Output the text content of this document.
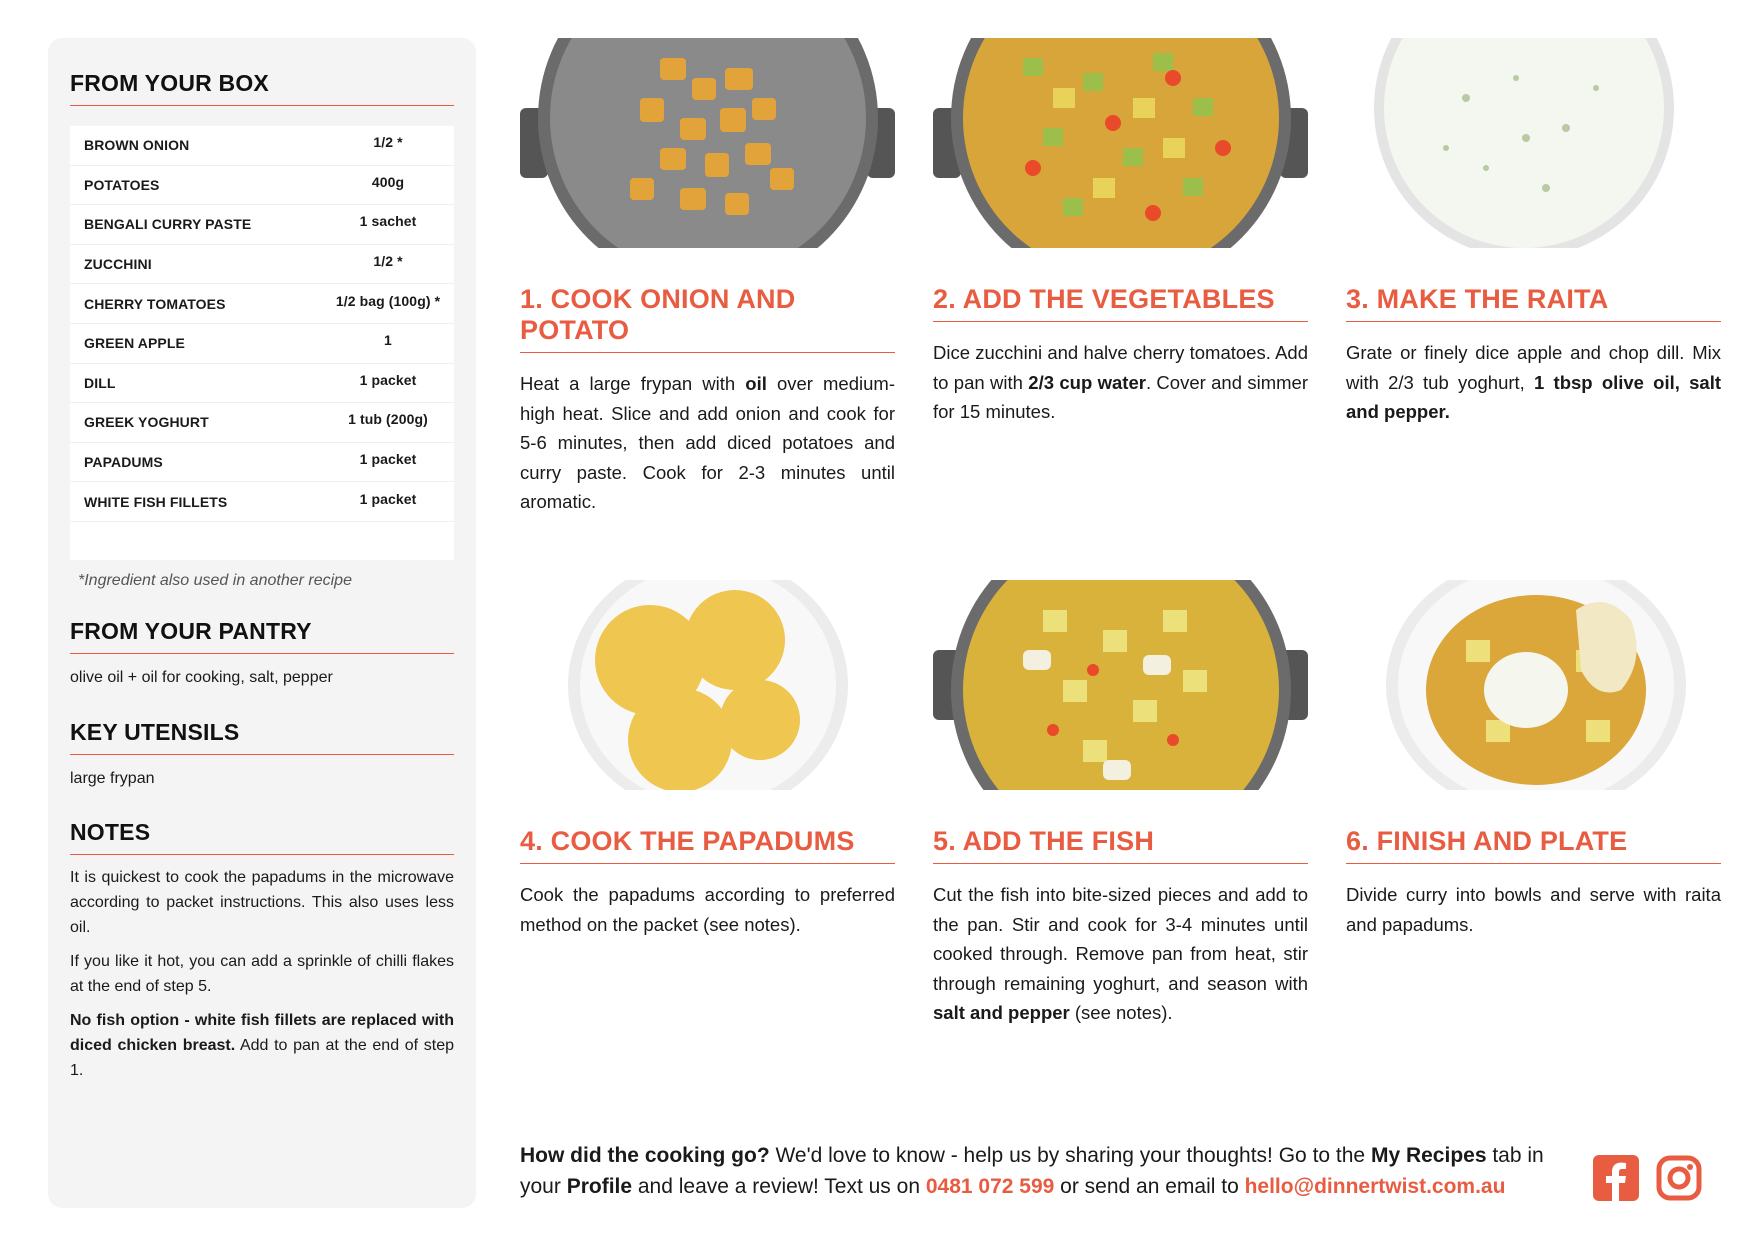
FROM YOUR BOX
BROWN ONION	1/2 *
POTATOES	400g
BENGALI CURRY PASTE	1 sachet
ZUCCHINI	1/2 *
CHERRY TOMATOES	1/2 bag (100g) *
GREEN APPLE	1
DILL	1 packet
GREEK YOGHURT	1 tub (200g)
PAPADUMS	1 packet
WHITE FISH FILLETS	1 packet
*Ingredient also used in another recipe
FROM YOUR PANTRY
olive oil + oil for cooking, salt, pepper
KEY UTENSILS
large frypan
NOTES

It is quickest to cook the papadums in the microwave according to packet instructions. This also uses less oil.

If you like it hot, you can add a sprinkle of chilli flakes at the end of step 5.

No fish option - white fish fillets are replaced with diced chicken breast. Add to pan at the end of step 1.

1. COOK ONION AND POTATO
Heat a large frypan with oil over medium-high heat. Slice and add onion and cook for 5-6 minutes, then add diced potatoes and curry paste. Cook for 2-3 minutes until aromatic.
2. ADD THE VEGETABLES
Dice zucchini and halve cherry tomatoes. Add to pan with 2/3 cup water. Cover and simmer for 15 minutes.
3. MAKE THE RAITA
Grate or finely dice apple and chop dill. Mix with 2/3 tub yoghurt, 1 tbsp olive oil, salt and pepper.
4. COOK THE PAPADUMS
Cook the papadums according to preferred method on the packet (see notes).
5. ADD THE FISH
Cut the fish into bite-sized pieces and add to the pan. Stir and cook for 3-4 minutes until cooked through. Remove pan from heat, stir through remaining yoghurt, and season with salt and pepper (see notes).
6. FINISH AND PLATE
Divide curry into bowls and serve with raita and papadums.
How did the cooking go? We'd love to know - help us by sharing your thoughts! Go to the My Recipes tab in your Profile and leave a review! Text us on 0481 072 599 or send an email to hello@dinnertwist.com.au
